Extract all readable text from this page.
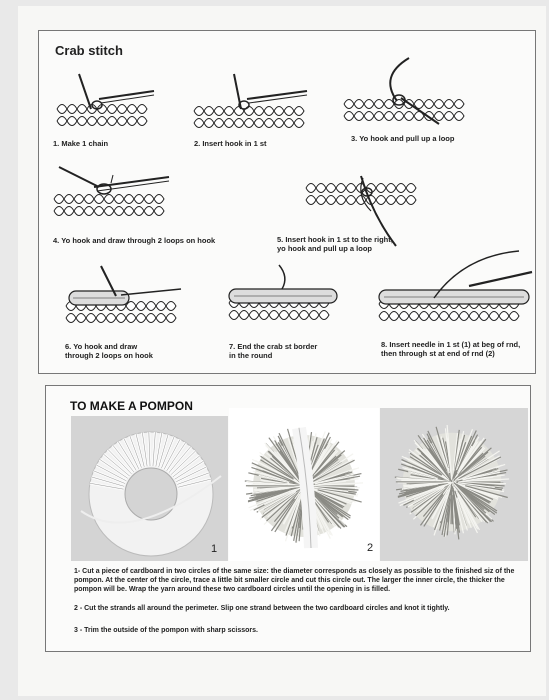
Crab stitch
1. Make 1 chain	2. Insert hook in 1 st
3. Yo hook and pull up a loop
4. Yo hook and draw through 2 loops on hook	5. Insert hook in 1 st to the right,
yo hook and pull up a loop
6. Yo hook and draw
through 2 loops on hook
7. End the crab st border
in the round
8. Insert needle in 1 st (1) at beg of rnd,
then through st at end of rnd (2)
TO MAKE A POMPON
1	2
1- Cut a piece of cardboard in two circles of the same size: the diameter corresponds as closely as possible to the finished siz of the pompon. At the center of the circle, trace a little bit smaller circle and cut this circle out. The larger the inner circle, the thicker the pompon will be. Wrap the yarn around these two cardboard circles until the opening in is filled.
2 - Cut the strands all around the perimeter. Slip one strand between the two cardboard circles and knot it tightly.
3 - Trim the outside of the pompon with sharp scissors.
